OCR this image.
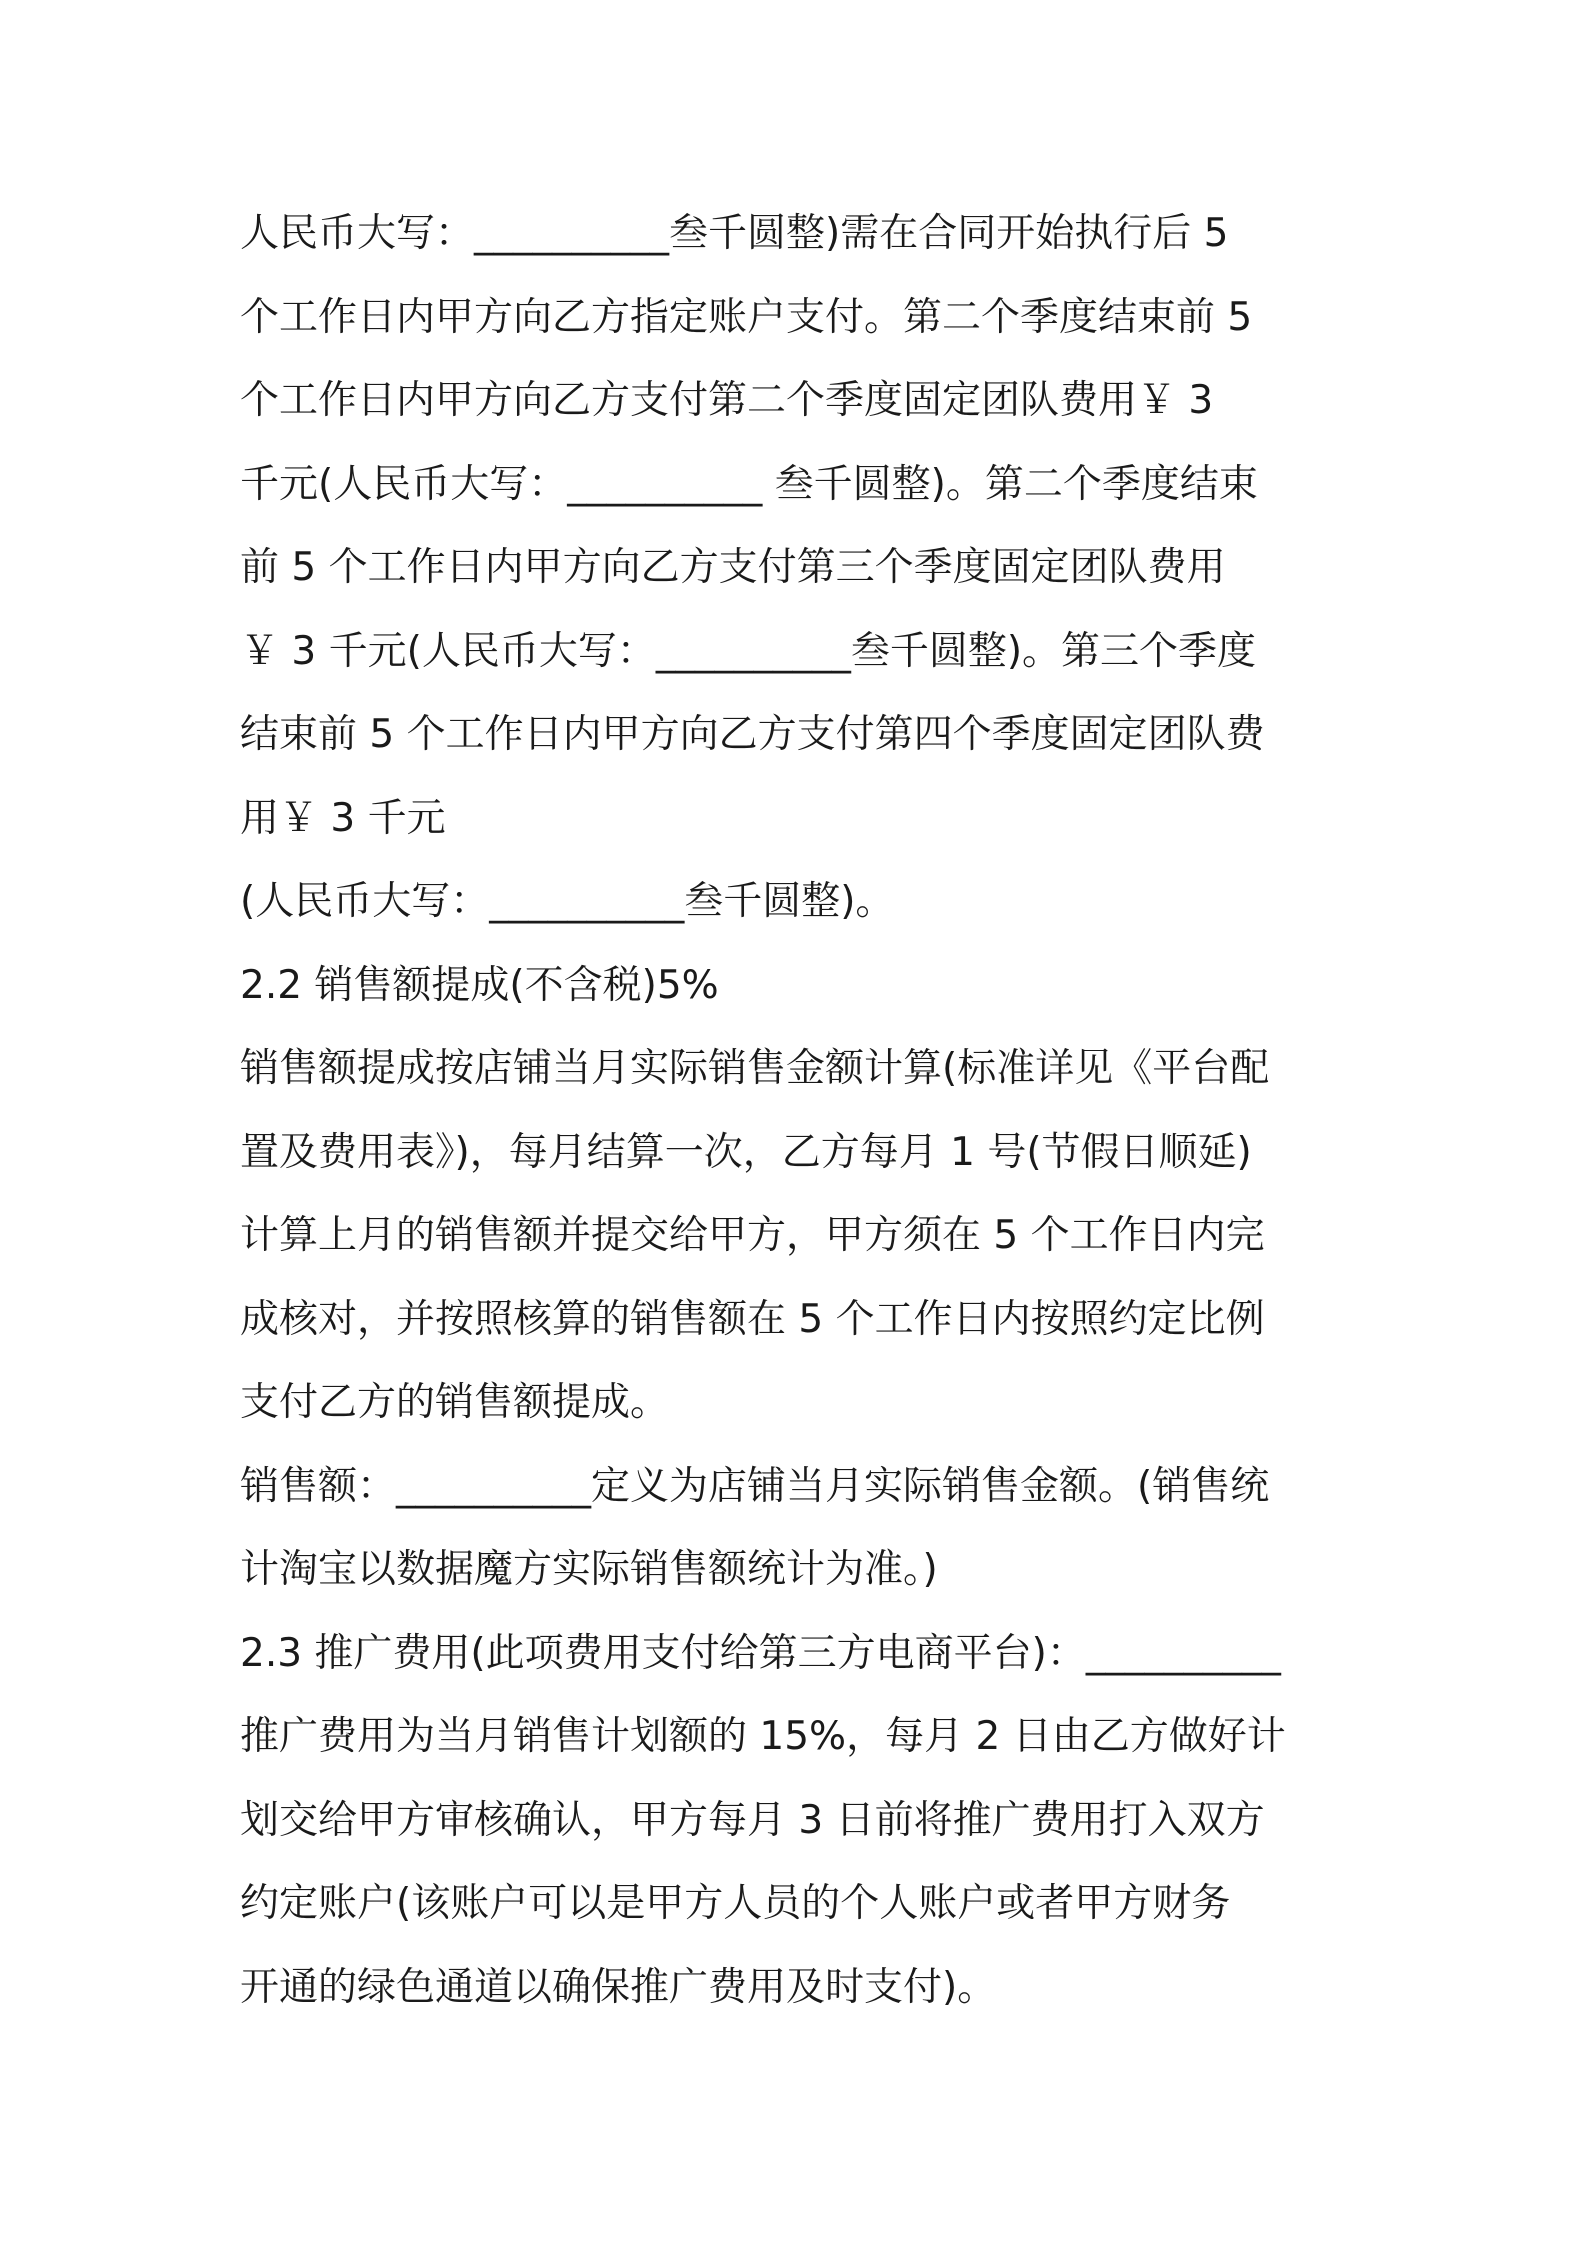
人民币大写：__________叁千圆整)需在合同开始执行后 5
个工作日内甲方向乙方指定账户支付。第二个季度结束前 5
个工作日内甲方向乙方支付第二个季度固定团队费用￥ 3
千元(人民币大写：__________ 叁千圆整)。第二个季度结束
前 5 个工作日内甲方向乙方支付第三个季度固定团队费用
￥ 3 千元(人民币大写：__________叁千圆整)。第三个季度
结束前 5 个工作日内甲方向乙方支付第四个季度固定团队费
用￥ 3 千元
(人民币大写：__________叁千圆整)。
2.2 销售额提成(不含税)5%
销售额提成按店铺当月实际销售金额计算(标准详见《平台配
置及费用表》)，每月结算一次，乙方每月 1 号(节假日顺延)
计算上月的销售额并提交给甲方，甲方须在 5 个工作日内完
成核对，并按照核算的销售额在 5 个工作日内按照约定比例
支付乙方的销售额提成。
销售额：__________定义为店铺当月实际销售金额。(销售统
计淘宝以数据魔方实际销售额统计为准。)
2.3 推广费用(此项费用支付给第三方电商平台)：__________
推广费用为当月销售计划额的 15%，每月 2 日由乙方做好计
划交给甲方审核确认，甲方每月 3 日前将推广费用打入双方
约定账户(该账户可以是甲方人员的个人账户或者甲方财务
开通的绿色通道以确保推广费用及时支付)。
